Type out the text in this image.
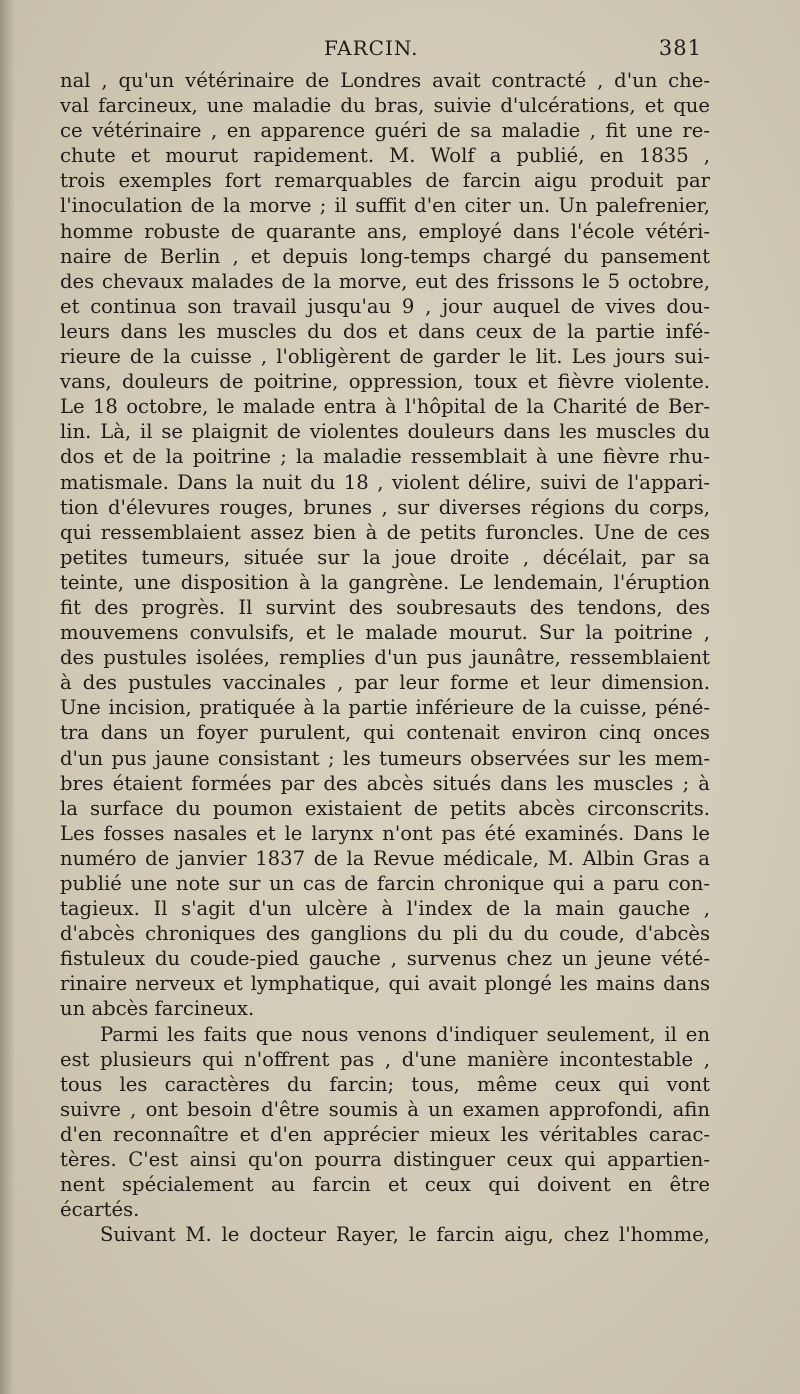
FARCIN.	381
nal , qu'un vétérinaire de Londres avait contracté , d'un che-
val farcineux, une maladie du bras, suivie d'ulcérations, et que
ce vétérinaire , en apparence guéri de sa maladie , fit une re-
chute et mourut rapidement. M. Wolf a publié, en 1835 ,
trois exemples fort remarquables de farcin aigu produit par
l'inoculation de la morve ; il suffit d'en citer un. Un palefrenier,
homme robuste de quarante ans, employé dans l'école vétéri-
naire de Berlin , et depuis long-temps chargé du pansement
des chevaux malades de la morve, eut des frissons le 5 octobre,
et continua son travail jusqu'au 9 , jour auquel de vives dou-
leurs dans les muscles du dos et dans ceux de la partie infé-
rieure de la cuisse , l'obligèrent de garder le lit. Les jours sui-
vans, douleurs de poitrine, oppression, toux et fièvre violente.
Le 18 octobre, le malade entra à l'hôpital de la Charité de Ber-
lin. Là, il se plaignit de violentes douleurs dans les muscles du
dos et de la poitrine ; la maladie ressemblait à une fièvre rhu-
matismale. Dans la nuit du 18 , violent délire, suivi de l'appari-
tion d'élevures rouges, brunes , sur diverses régions du corps,
qui ressemblaient assez bien à de petits furoncles. Une de ces
petites tumeurs, située sur la joue droite , décélait, par sa
teinte, une disposition à la gangrène. Le lendemain, l'éruption
fit des progrès. Il survint des soubresauts des tendons, des
mouvemens convulsifs, et le malade mourut. Sur la poitrine ,
des pustules isolées, remplies d'un pus jaunâtre, ressemblaient
à des pustules vaccinales , par leur forme et leur dimension.
Une incision, pratiquée à la partie inférieure de la cuisse, péné-
tra dans un foyer purulent, qui contenait environ cinq onces
d'un pus jaune consistant ; les tumeurs observées sur les mem-
bres étaient formées par des abcès situés dans les muscles ; à
la surface du poumon existaient de petits abcès circonscrits.
Les fosses nasales et le larynx n'ont pas été examinés. Dans le
numéro de janvier 1837 de la Revue médicale, M. Albin Gras a
publié une note sur un cas de farcin chronique qui a paru con-
tagieux. Il s'agit d'un ulcère à l'index de la main gauche ,
d'abcès chroniques des ganglions du pli du du coude, d'abcès
fistuleux du coude-pied gauche , survenus chez un jeune vété-
rinaire nerveux et lymphatique, qui avait plongé les mains dans
un abcès farcineux.
Parmi les faits que nous venons d'indiquer seulement, il en
est plusieurs qui n'offrent pas , d'une manière incontestable ,
tous les caractères du farcin; tous, même ceux qui vont
suivre , ont besoin d'être soumis à un examen approfondi, afin
d'en reconnaître et d'en apprécier mieux les véritables carac-
tères. C'est ainsi qu'on pourra distinguer ceux qui appartien-
nent spécialement au farcin et ceux qui doivent en être
écartés.
Suivant M. le docteur Rayer, le farcin aigu, chez l'homme,
